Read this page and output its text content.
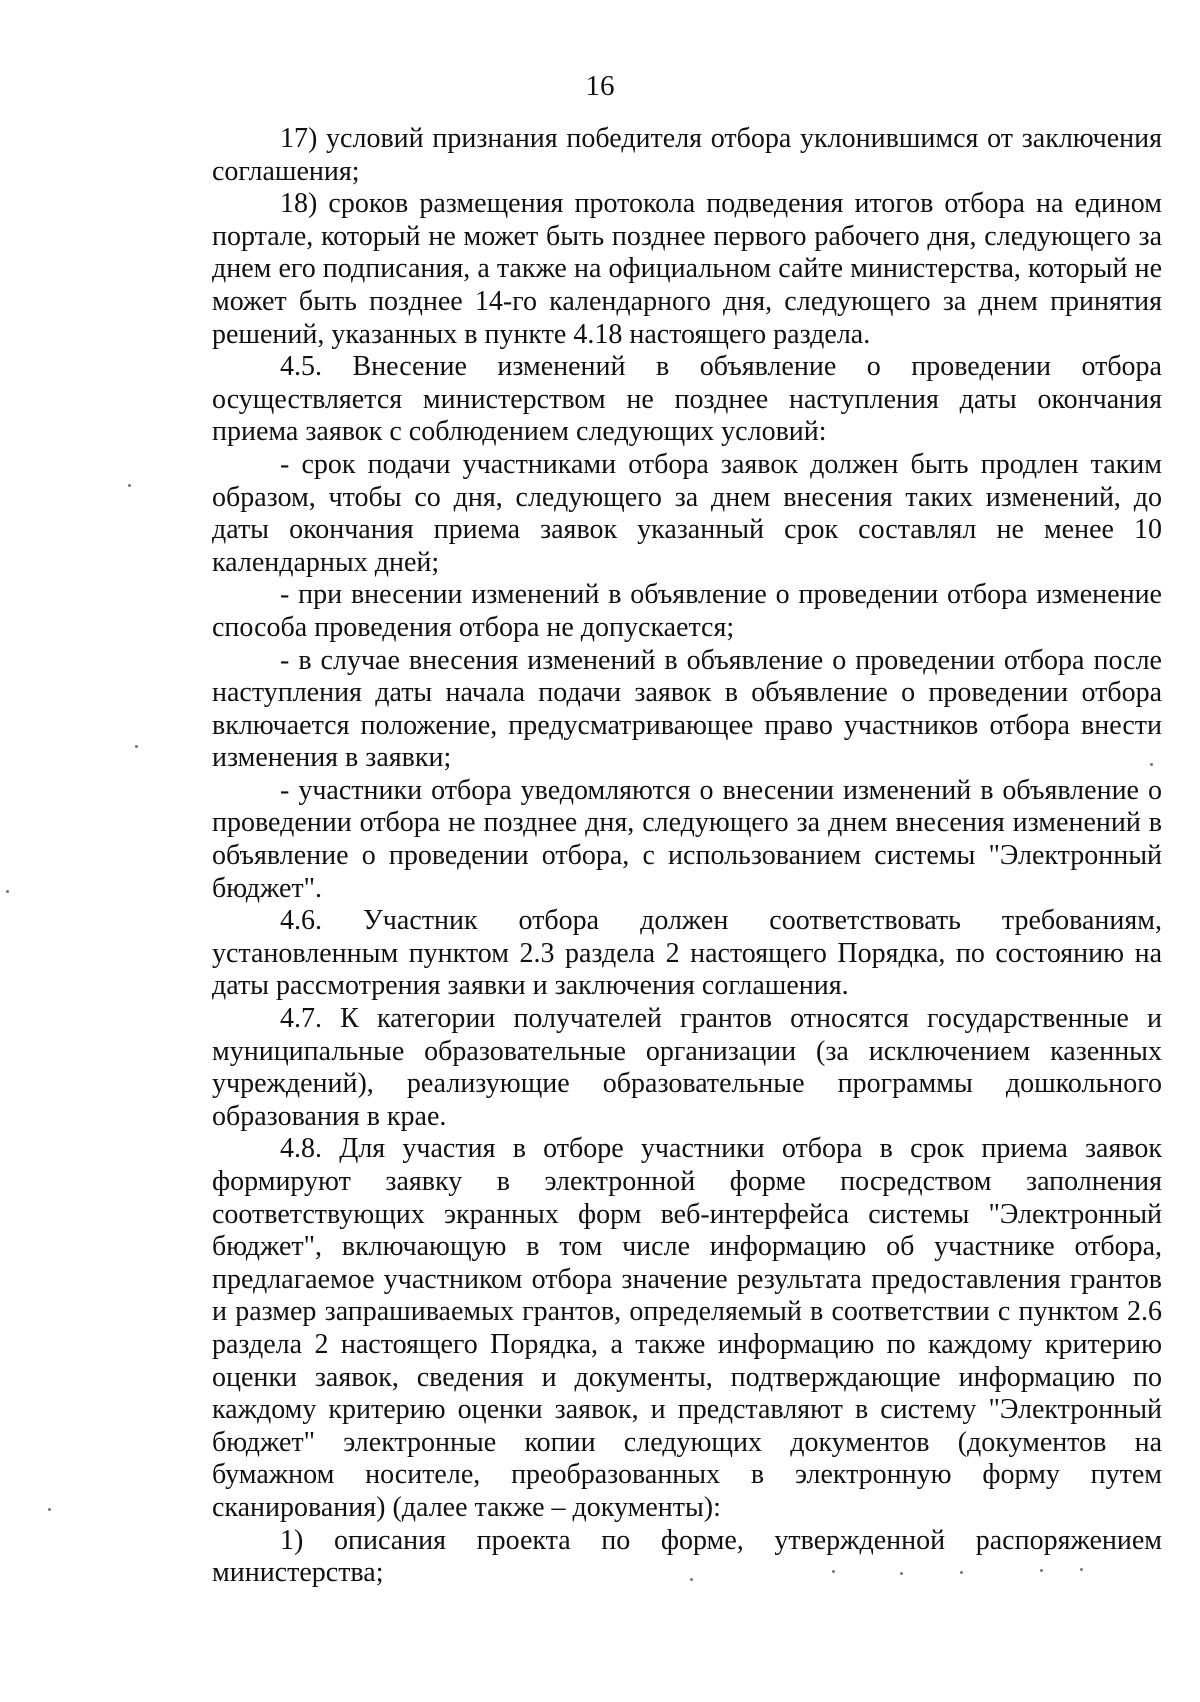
16

17) условий признания победителя отбора уклонившимся от заключения соглашения;

18) сроков размещения протокола подведения итогов отбора на едином портале, который не может быть позднее первого рабочего дня, следующего за днем его подписания, а также на официальном сайте министерства, который не может быть позднее 14-го календарного дня, следующего за днем принятия решений, указанных в пункте 4.18 настоящего раздела.

4.5. Внесение изменений в объявление о проведении отбора осуществляется министерством не позднее наступления даты окончания приема заявок с соблюдением следующих условий:

- срок подачи участниками отбора заявок должен быть продлен таким образом, чтобы со дня, следующего за днем внесения таких изменений, до даты окончания приема заявок указанный срок составлял не менее 10 календарных дней;

- при внесении изменений в объявление о проведении отбора изменение способа проведения отбора не допускается;

- в случае внесения изменений в объявление о проведении отбора после наступления даты начала подачи заявок в объявление о проведении отбора включается положение, предусматривающее право участников отбора внести изменения в заявки;

- участники отбора уведомляются о внесении изменений в объявление о проведении отбора не позднее дня, следующего за днем внесения изменений в объявление о проведении отбора, с использованием системы "Электронный бюджет".

4.6. Участник отбора должен соответствовать требованиям, установленным пунктом 2.3 раздела 2 настоящего Порядка, по состоянию на даты рассмотрения заявки и заключения соглашения.

4.7. К категории получателей грантов относятся государственные и муниципальные образовательные организации (за исключением казенных учреждений), реализующие образовательные программы дошкольного образования в крае.

4.8. Для участия в отборе участники отбора в срок приема заявок формируют заявку в электронной форме посредством заполнения соответствующих экранных форм веб-интерфейса системы "Электронный бюджет", включающую в том числе информацию об участнике отбора, предлагаемое участником отбора значение результата предоставления грантов и размер запрашиваемых грантов, определяемый в соответствии с пунктом 2.6 раздела 2 настоящего Порядка, а также информацию по каждому критерию оценки заявок, сведения и документы, подтверждающие информацию по каждому критерию оценки заявок, и представляют в систему "Электронный бюджет" электронные копии следующих документов (документов на бумажном носителе, преобразованных в электронную форму путем сканирования) (далее также – документы):

1) описания проекта по форме, утвержденной распоряжением министерства;
